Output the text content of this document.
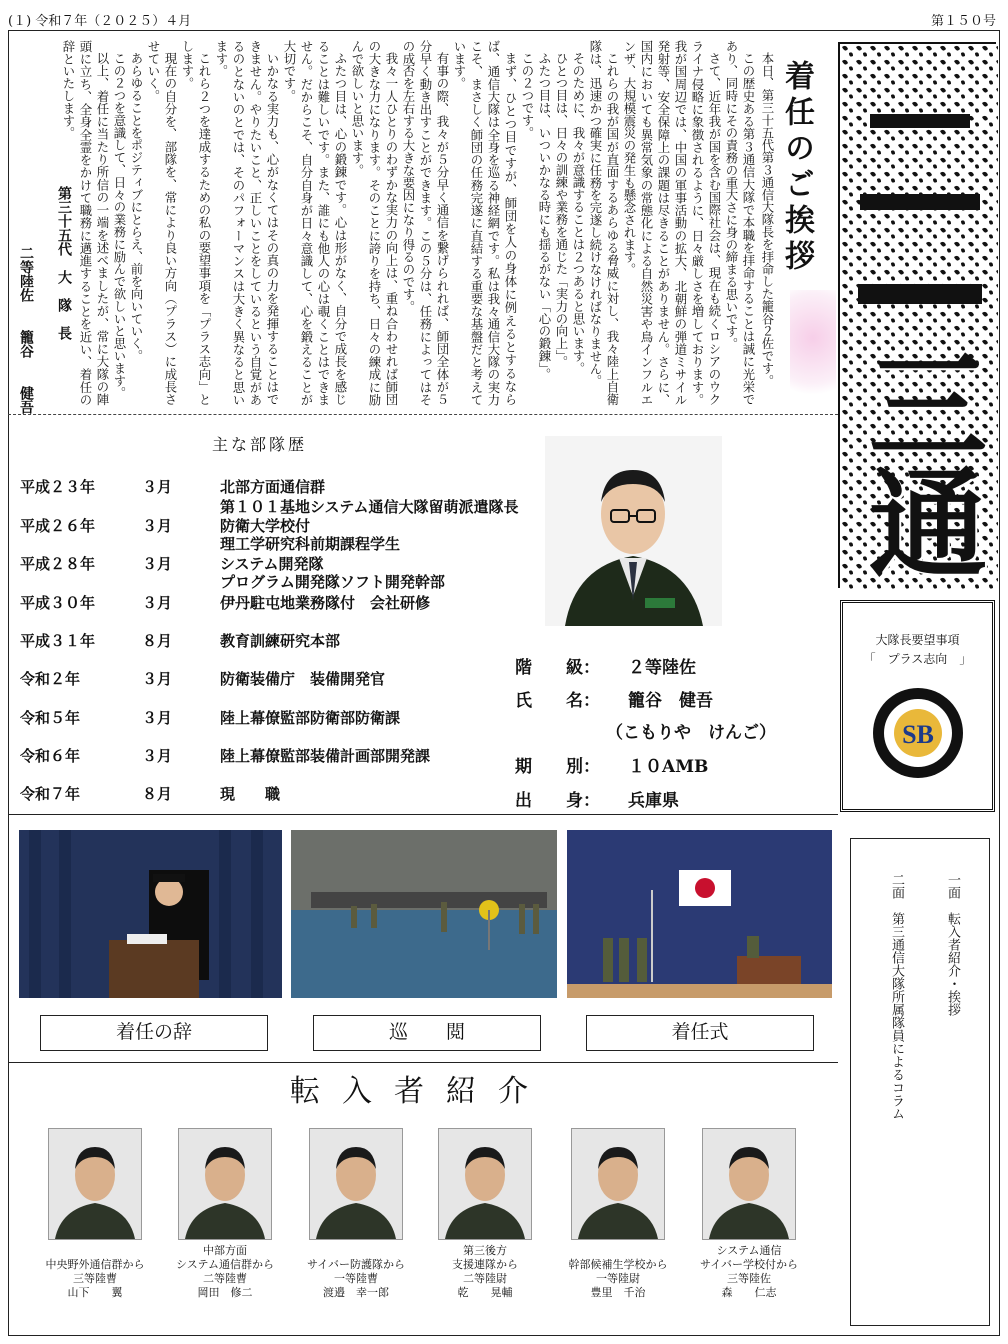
(１) 令和７年（２０２５）４月	第１５０号
三通
着任のご挨拶

本日、第三十五代第３通信大隊長を拝命した籠谷２佐です。

この歴史ある第３通信大隊で本職を拝命することは誠に光栄であり、同時にその責務の重大さに身の締まる思いです。

さて、近年我が国を含む国際社会は、現在も続くロシアのウクライナ侵略に象徴されるように、日々厳しさを増しております。我が国周辺では、中国の軍事活動の拡大、北朝鮮の弾道ミサイル発射等、安全保障上の課題は尽きることがありません。さらに、国内においても異常気象の常態化による自然災害や鳥インフルエンザ、大規模震災の発生も懸念されます。

これらの我が国が直面するあらゆる脅威に対し、我々陸上自衛隊は、迅速かつ確実に任務を完遂し続けなければなりません。

そのために、我々が意識することは２つあると思います。

ひとつ目は、日々の訓練や業務を通じた「実力の向上」。

ふたつ目は、いついかなる時にも揺るがない「心の鍛錬」。

この２つです。

まず、ひとつ目ですが、師団を人の身体に例えるとするならば、通信大隊は全身を巡る神経網です。私は我々通信大隊の実力こそ、まさしく師団の任務完遂に直結する重要な基盤だと考えています。

有事の際、我々が５分早く通信を繋げられれば、師団全体が５分早く動き出すことができます。この５分は、任務によってはその成否を左右する大きな要因になり得るのです。

我々一人ひとりのわずかな実力の向上は、重ね合わせれば師団の大きな力になります。そのことに誇りを持ち、日々の練成に励んで欲しいと思います。

ふたつ目は、心の鍛錬です。心は形がなく、自分で成長を感じることは難しいです。また、誰にも他人の心は覗くことはできません。だからこそ、自分自身が日々意識して、心を鍛えることが大切です。

いかなる実力も、心がなくてはその真の力を発揮することはできません。やりたいこと、正しいことをしているという自覚があるのとないのとでは、そのパフォーマンスは大きく異なると思います。

これら２つを達成するための私の要望事項を「プラス志向」とします。

現在の自分を、部隊を、常により良い方向（プラス）に成長させていく。

あらゆることをポジティブにとらえ、前を向いていく。

この２つを意識して、日々の業務に励んで欲しいと思います。

以上、着任に当たり所信の一端を述べましたが、常に大隊の陣頭に立ち、全身全霊をかけて職務に邁進することを近い、着任の辞といたします。

第三十五代　大　隊　長
二等陸佐　　籠谷　　健吾
主な部隊歴
平成２３年	３月	北部方面通信群
第１０１基地システム通信大隊留萌派遣隊長
平成２６年	３月	防衛大学校付
理工学研究科前期課程学生
平成２８年	３月	システム開発隊
プログラム開発隊ソフト開発幹部
平成３０年	３月	伊丹駐屯地業務隊付　会社研修
平成３１年	８月	教育訓練研究本部
令和２年	３月	防衛装備庁　装備開発官
令和５年	３月	陸上幕僚監部防衛部防衛課
令和６年	３月	陸上幕僚監部装備計画部開発課
令和７年	８月	現　　職
階　　級： ２等陸佐
氏　　名： 籠谷　健吾
（こもりや　けんご）
期　　別： １０AMB
出　　身： 兵庫県
大隊長要望事項
「　プラス志向　」
SB
着任の辞	巡　　閲	着任式
一面　転入者紹介・挨拶
二面　第三通信大隊所属隊員によるコラム
転入者紹介
中央野外通信群から
三等陸曹
山下　　翼
中部方面
システム通信群から
二等陸曹
岡田　修二
サイバー防護隊から
一等陸曹
渡邉　幸一郎
第三後方
支援連隊から
二等陸尉
乾　　晃輔
幹部候補生学校から
一等陸尉
豊里　千治
システム通信
サイバー学校付から
三等陸佐
森　　仁志
